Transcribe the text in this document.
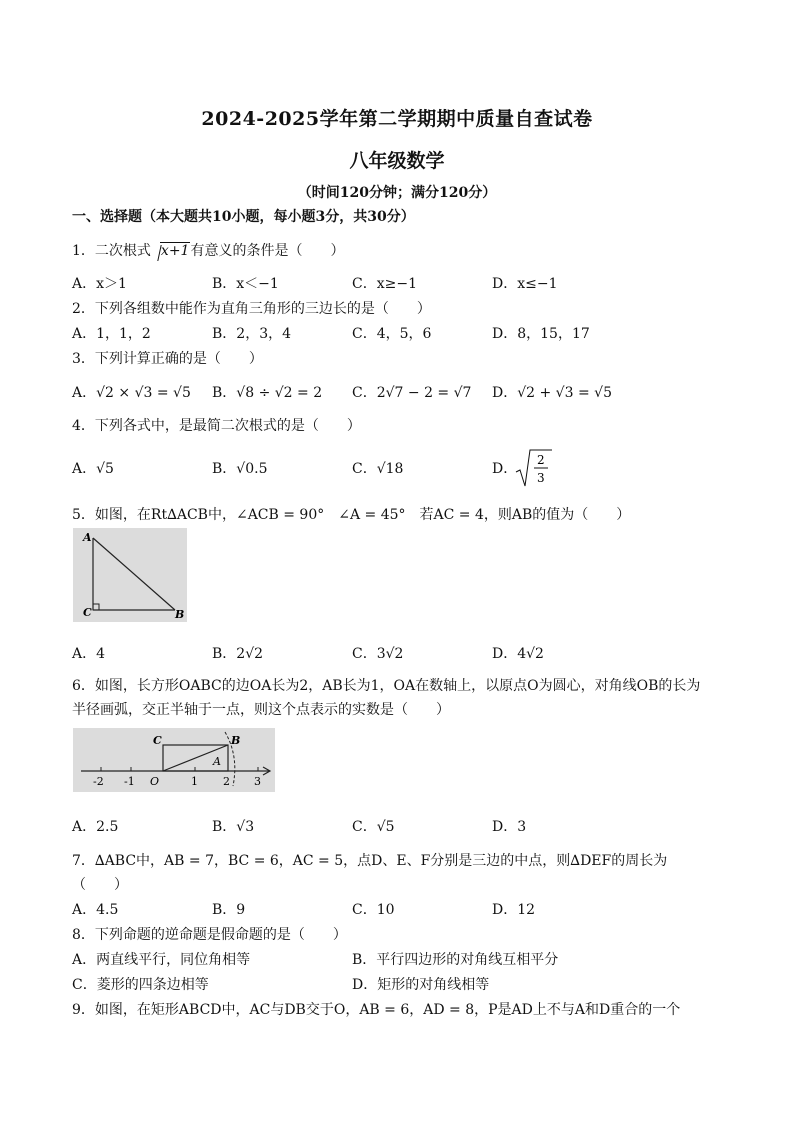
2024-2025学年第二学期期中质量自查试卷
八年级数学
（时间120分钟；满分120分）
一、选择题（本大题共10小题，每小题3分，共30分）
1．二次根式 x+1有意义的条件是（　　）
A．x＞1	B．x＜−1	C．x≥−1	D．x≤−1
2．下列各组数中能作为直角三角形的三边长的是（　　）
A．1，1，2	B．2，3，4	C．4，5，6	D．8，15，17
3．下列计算正确的是（　　）
A．√2 × √3 = √5 B．√8 ÷ √2 = 2 C．2√7 − 2 = √7 D．√2 + √3 = √5
4．下列各式中，是最简二次根式的是（　　）
A．√5	B．√0.5	C．√18	D．
2
3
5．如图，在Rt∆ACB中，∠ACB = 90°　∠A = 45°　若AC = 4，则AB的值为（　　）
A
C	B
A．4	B．2√2	C．3√2	D．4√2
6．如图，长方形OABC的边OA长为2，AB长为1，OA在数轴上，以原点O为圆心，对角线OB的长为
半径画弧，交正半轴于一点，则这个点表示的实数是（　　）
C	B
A
-2 -1 O	1 2 3
A．2.5	B．√3	C．√5	D．3
7．∆ABC中，AB = 7，BC = 6，AC = 5，点D、E、F分别是三边的中点，则∆DEF的周长为
（　　）
A．4.5	B．9	C．10	D．12
8．下列命题的逆命题是假命题的是（　　）
A．两直线平行，同位角相等	B．平行四边形的对角线互相平分
C．菱形的四条边相等	D．矩形的对角线相等
9．如图，在矩形ABCD中，AC与DB交于O，AB = 6，AD = 8，P是AD上不与A和D重合的一个
